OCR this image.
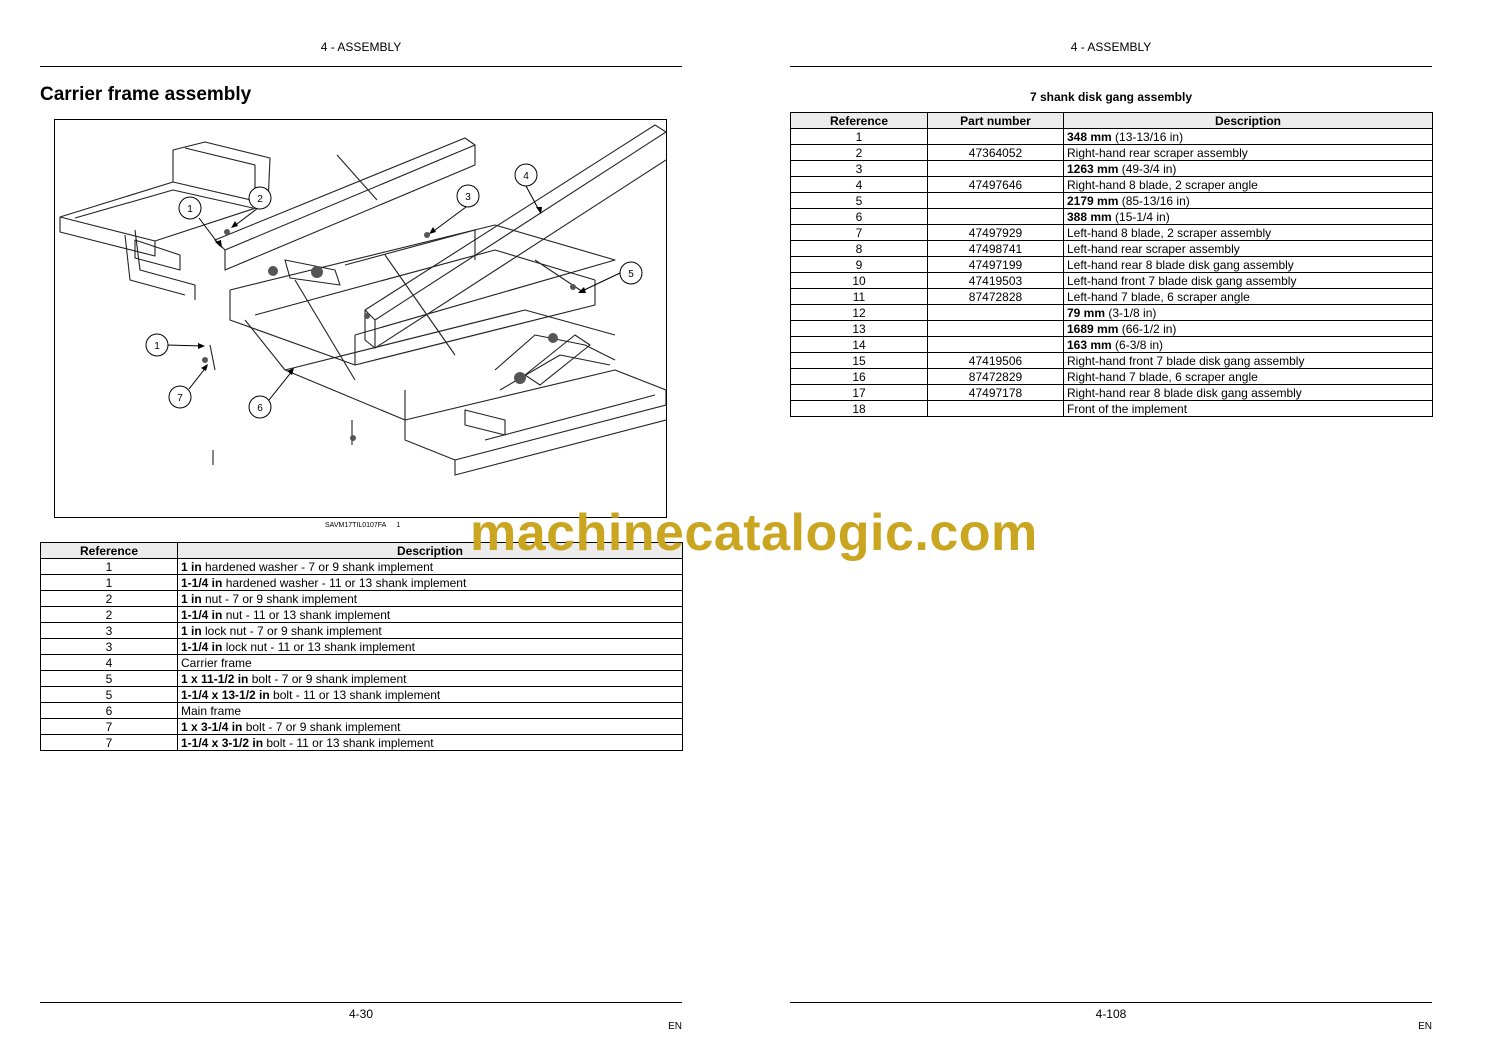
4 - ASSEMBLY
Carrier frame assembly
1
2	3
4
5
1
7
6
SAVM17TIL0107FA 1
Reference	Description
1	1 in hardened washer - 7 or 9 shank implement
1	1-1/4 in hardened washer - 11 or 13 shank implement
2	1 in nut - 7 or 9 shank implement
2	1-1/4 in nut - 11 or 13 shank implement
3	1 in lock nut - 7 or 9 shank implement
3	1-1/4 in lock nut - 11 or 13 shank implement
4	Carrier frame
5	1 x 11-1/2 in bolt - 7 or 9 shank implement
5	1-1/4 x 13-1/2 in bolt - 11 or 13 shank implement
6	Main frame
7	1 x 3-1/4 in bolt - 7 or 9 shank implement
7	1-1/4 x 3-1/2 in bolt - 11 or 13 shank implement
4-30
EN
4 - ASSEMBLY
7 shank disk gang assembly
Reference	Part number	Description
1		348 mm (13-13/16 in)
2	47364052	Right-hand rear scraper assembly
3		1263 mm (49-3/4 in)
4	47497646	Right-hand 8 blade, 2 scraper angle
5		2179 mm (85-13/16 in)
6		388 mm (15-1/4 in)
7	47497929	Left-hand 8 blade, 2 scraper assembly
8	47498741	Left-hand rear scraper assembly
9	47497199	Left-hand rear 8 blade disk gang assembly
10	47419503	Left-hand front 7 blade disk gang assembly
11	87472828	Left-hand 7 blade, 6 scraper angle
12		79 mm (3-1/8 in)
13		1689 mm (66-1/2 in)
14		163 mm (6-3/8 in)
15	47419506	Right-hand front 7 blade disk gang assembly
16	87472829	Right-hand 7 blade, 6 scraper angle
17	47497178	Right-hand rear 8 blade disk gang assembly
18		Front of the implement
4-108
EN
machinecatalogic.com
